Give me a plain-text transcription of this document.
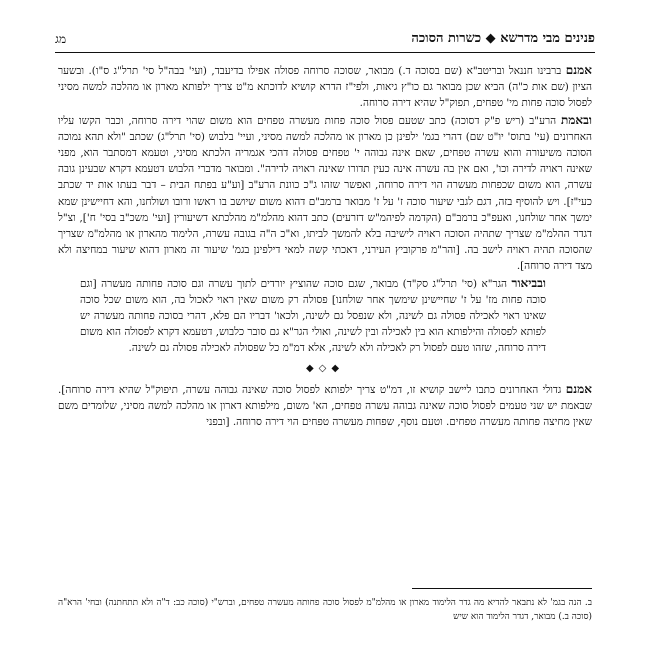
מג	פנינים מבי מדרשא ◆ כשרות הסוכה

אמנם ברבינו חננאל ובריטב"א (שם בסוכה ד.) מבואר, שסוכה סרוחה פסולה אפילו בדיעבד, (ועי' בבה"ל סי' תרל"ג ס"ו). ובשער הציון (שם אות כ"ה) הביא שכן מבואר גם כו"ץ גיאות, ולפי"ז הדרא קושיא לדוכתא מ"ט צריך ילפותא מארון או מהלכה למשה מסיני לפסול סוכה פחות מי' טפחים, תפוק"ל שהיא דירה סרוחה.

ובאמת הרע"ב (ריש פ"ק דסוכה) כתב שטעם פסול סוכה פחות מעשרה טפחים הוא משום שהוי דירה סרוחה, וכבר הקשו עליו האחרונים (עי' בתוס' יו"ט שם) דהרי בגמ' ילפינן כן מארון או מהלכה למשה מסיני, ועיי' בלבוש (סי' תרל"ג) שכתב "ולא תהא נמוכה הסוכה משיעורה והוא עשרה טפחים, שאם אינה גבוהה י' טפחים פסולה דהכי אגמריה הלכתא מסיני, וטעמא דמסתבר הוא, מפני שאינה ראויה לדירה וכו', ואם אין בה עשרה אינה כעין תדורו שאינה ראויה לדירה". ומבואר מדברי הלבוש דטעמא דקרא שבעינן גובה עשרה, הוא משום שכפחות מעשרה הוי דירה סרוחה, ואפשר שזהו ג"כ כוונת הרע"ב [וע"ע בפתח הבית – דבר בעתו אות יד שכתב כעי"ז]. ויש להוסיף בזה, דגם לגבי שיעור סוכה ז' על ז' מבואר ברמב"ם דהוא משום שיושב בו ראשו ורובו ושולחנו, והא דחיישינן שמא ימשך אחר שולחנו, ואעפ"כ ברמב"ם (הקדמה לפיהמ"ש דזרעים) כתב דהוא מהלמ"מ מהלכתא דשיעורין [ועי' משכ"ב בסי' ח'], וצ"ל דגדר ההלמ"מ שצריך שתהיה הסוכה ראויה לישיבה בלא להמשך לביתו, וא"כ ה"ה בגובה עשרה, הלימוד מהארון או מהלמ"מ שצריך שהסוכה תהיה ראויה לישב בה. [והר"מ פרקוביץ העירני, דאכתי קשה למאי דילפינן בגמ' שיעור זה מארון דהוא שיעור במחיצה ולא מצד דירה סרוחה].

ובביאור הגר"א (סי' תרל"ג סק"ד) מבואר, שגם סוכה שהוציץ יורדים לתוך עשרה וגם סוכה פחותה מעשרה [וגם סוכה פחות מז' על ז' שחיישינן שימשך אחר שולחנו] פסולה רק משום שאין ראוי לאכול בה, הוא משום שכל סוכה שאינו ראוי לאכילה פסולה גם לשינה, ולא שנפסל גם לשינה, ולכאו' דבריו הם פלא, דהרי בסוכה פחותה מעשרה יש לפותא לפסולה והילפותא הוא בין לאכילה ובין לשינה, ואולי הגר"א גם סובר כלבוש, דטעמא דקרא לפסולה הוא משום דירה סרוחה, שזהו טעם לפסול רק לאכילה ולא לשינה, אלא דמ"מ כל שפסולה לאכילה פסולה גם לשינה.

◆◇◆

אמנם גדולי האחרונים כתבו ליישב קושיא זו, דמ"ט צריך ילפותא לפסול סוכה שאינה גבוהה עשרה, תיפוק"ל שהיא דירה סרוחה]. שבאמת יש שני טעמים לפסול סוכה שאינה גבוהה עשרה טפחים, הא' משום, מילפותא דארון או מהלכה למשה מסיני, שלומדים משם שאין מחיצה פחותה מעשרה טפחים. וטעם נוסף, שפחות מעשרה טפחים הוי דירה סרוחה. [ובפני

ב. הנה בגמ' לא נתבאר להדיא מה גדר הלימוד מארון או מהלמ"מ לפסול סוכה פחותה מעשרה טפחים, וברש"י (סוכה כב: ד"ה ולא תתחתנה) ובחי' הרא"ה (סוכה ב.) מבואר, דגדר הלימוד הוא שיש
